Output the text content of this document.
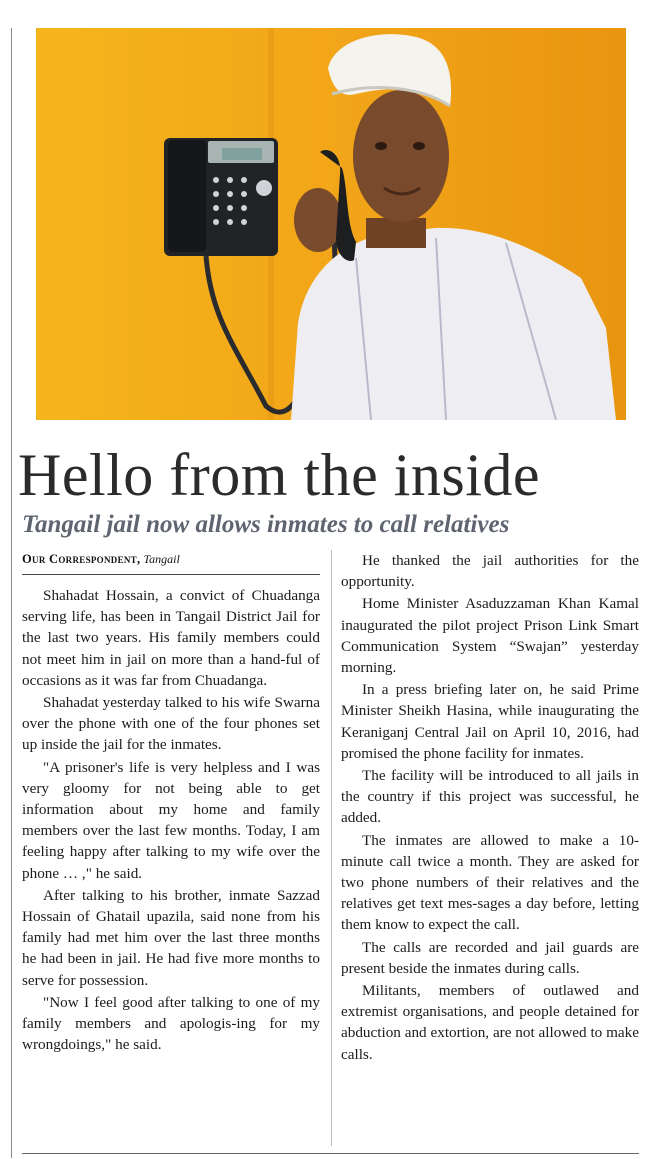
Hello from the inside
Tangail jail now allows inmates to call relatives
Our Correspondent, Tangail

Shahadat Hossain, a convict of Chuadanga serving life, has been in Tangail District Jail for the last two years. His family members could not meet him in jail on more than a hand-ful of occasions as it was far from Chuadanga.

Shahadat yesterday talked to his wife Swarna over the phone with one of the four phones set up inside the jail for the inmates.

"A prisoner's life is very helpless and I was very gloomy for not being able to get information about my home and family members over the last few months. Today, I am feeling happy after talking to my wife over the phone … ," he said.

After talking to his brother, inmate Sazzad Hossain of Ghatail upazila, said none from his family had met him over the last three months he had been in jail. He had five more months to serve for possession.

"Now I feel good after talking to one of my family members and apologis-ing for my wrongdoings," he said.

He thanked the jail authorities for the opportunity.

Home Minister Asaduzzaman Khan Kamal inaugurated the pilot project Prison Link Smart Communication System “Swajan” yesterday morning.

In a press briefing later on, he said Prime Minister Sheikh Hasina, while inaugurating the Keraniganj Central Jail on April 10, 2016, had promised the phone facility for inmates.

The facility will be introduced to all jails in the country if this project was successful, he added.

The inmates are allowed to make a 10-minute call twice a month. They are asked for two phone numbers of their relatives and the relatives get text mes-sages a day before, letting them know to expect the call.

The calls are recorded and jail guards are present beside the inmates during calls.

Militants, members of outlawed and extremist organisations, and people detained for abduction and extortion, are not allowed to make calls.
